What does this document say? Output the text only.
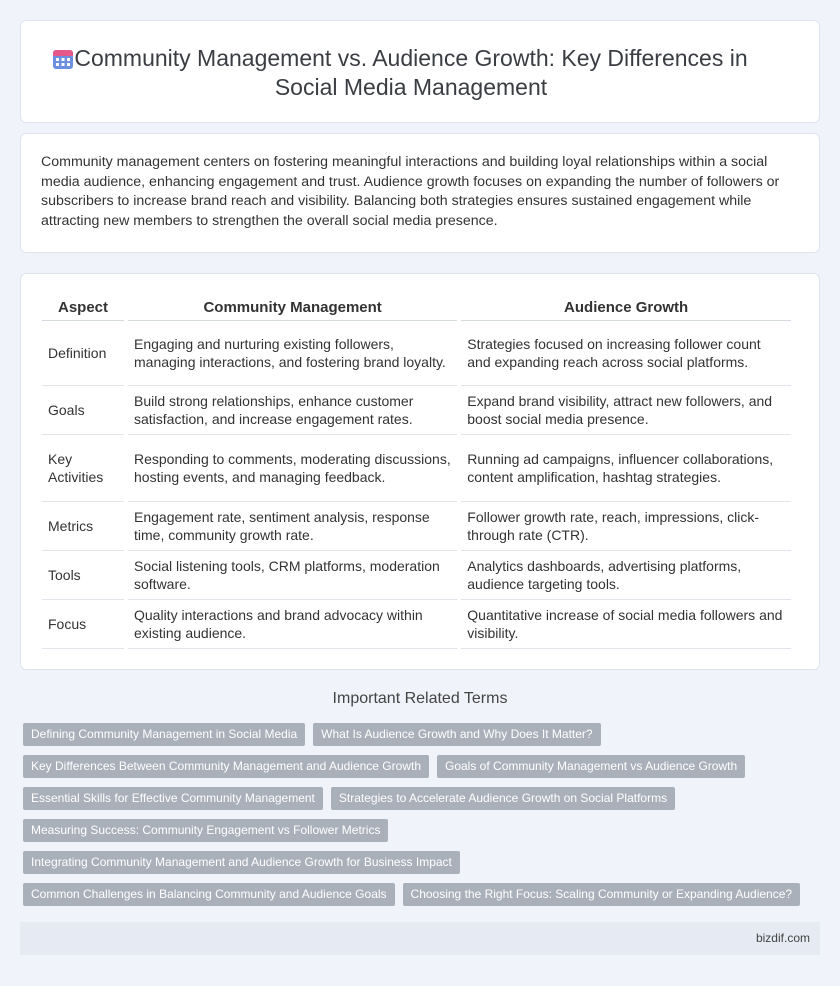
Community Management vs. Audience Growth: Key Differences in Social Media Management

Community management centers on fostering meaningful interactions and building loyal relationships within a social media audience, enhancing engagement and trust. Audience growth focuses on expanding the number of followers or subscribers to increase brand reach and visibility. Balancing both strategies ensures sustained engagement while attracting new members to strengthen the overall social media presence.

Aspect	Community Management	Audience Growth
Definition	Engaging and nurturing existing followers, managing interactions, and fostering brand loyalty.	Strategies focused on increasing follower count and expanding reach across social platforms.
Goals	Build strong relationships, enhance customer satisfaction, and increase engagement rates.	Expand brand visibility, attract new followers, and boost social media presence.
Key Activities	Responding to comments, moderating discussions, hosting events, and managing feedback.	Running ad campaigns, influencer collaborations, content amplification, hashtag strategies.
Metrics	Engagement rate, sentiment analysis, response time, community growth rate.	Follower growth rate, reach, impressions, click-through rate (CTR).
Tools	Social listening tools, CRM platforms, moderation software.	Analytics dashboards, advertising platforms, audience targeting tools.
Focus	Quality interactions and brand advocacy within existing audience.	Quantitative increase of social media followers and visibility.
Important Related Terms
Defining Community Management in Social Media	What Is Audience Growth and Why Does It Matter?
Key Differences Between Community Management and Audience Growth	Goals of Community Management vs Audience Growth
Essential Skills for Effective Community Management	Strategies to Accelerate Audience Growth on Social Platforms
Measuring Success: Community Engagement vs Follower Metrics
Integrating Community Management and Audience Growth for Business Impact
Common Challenges in Balancing Community and Audience Goals	Choosing the Right Focus: Scaling Community or Expanding Audience?
bizdif.com
